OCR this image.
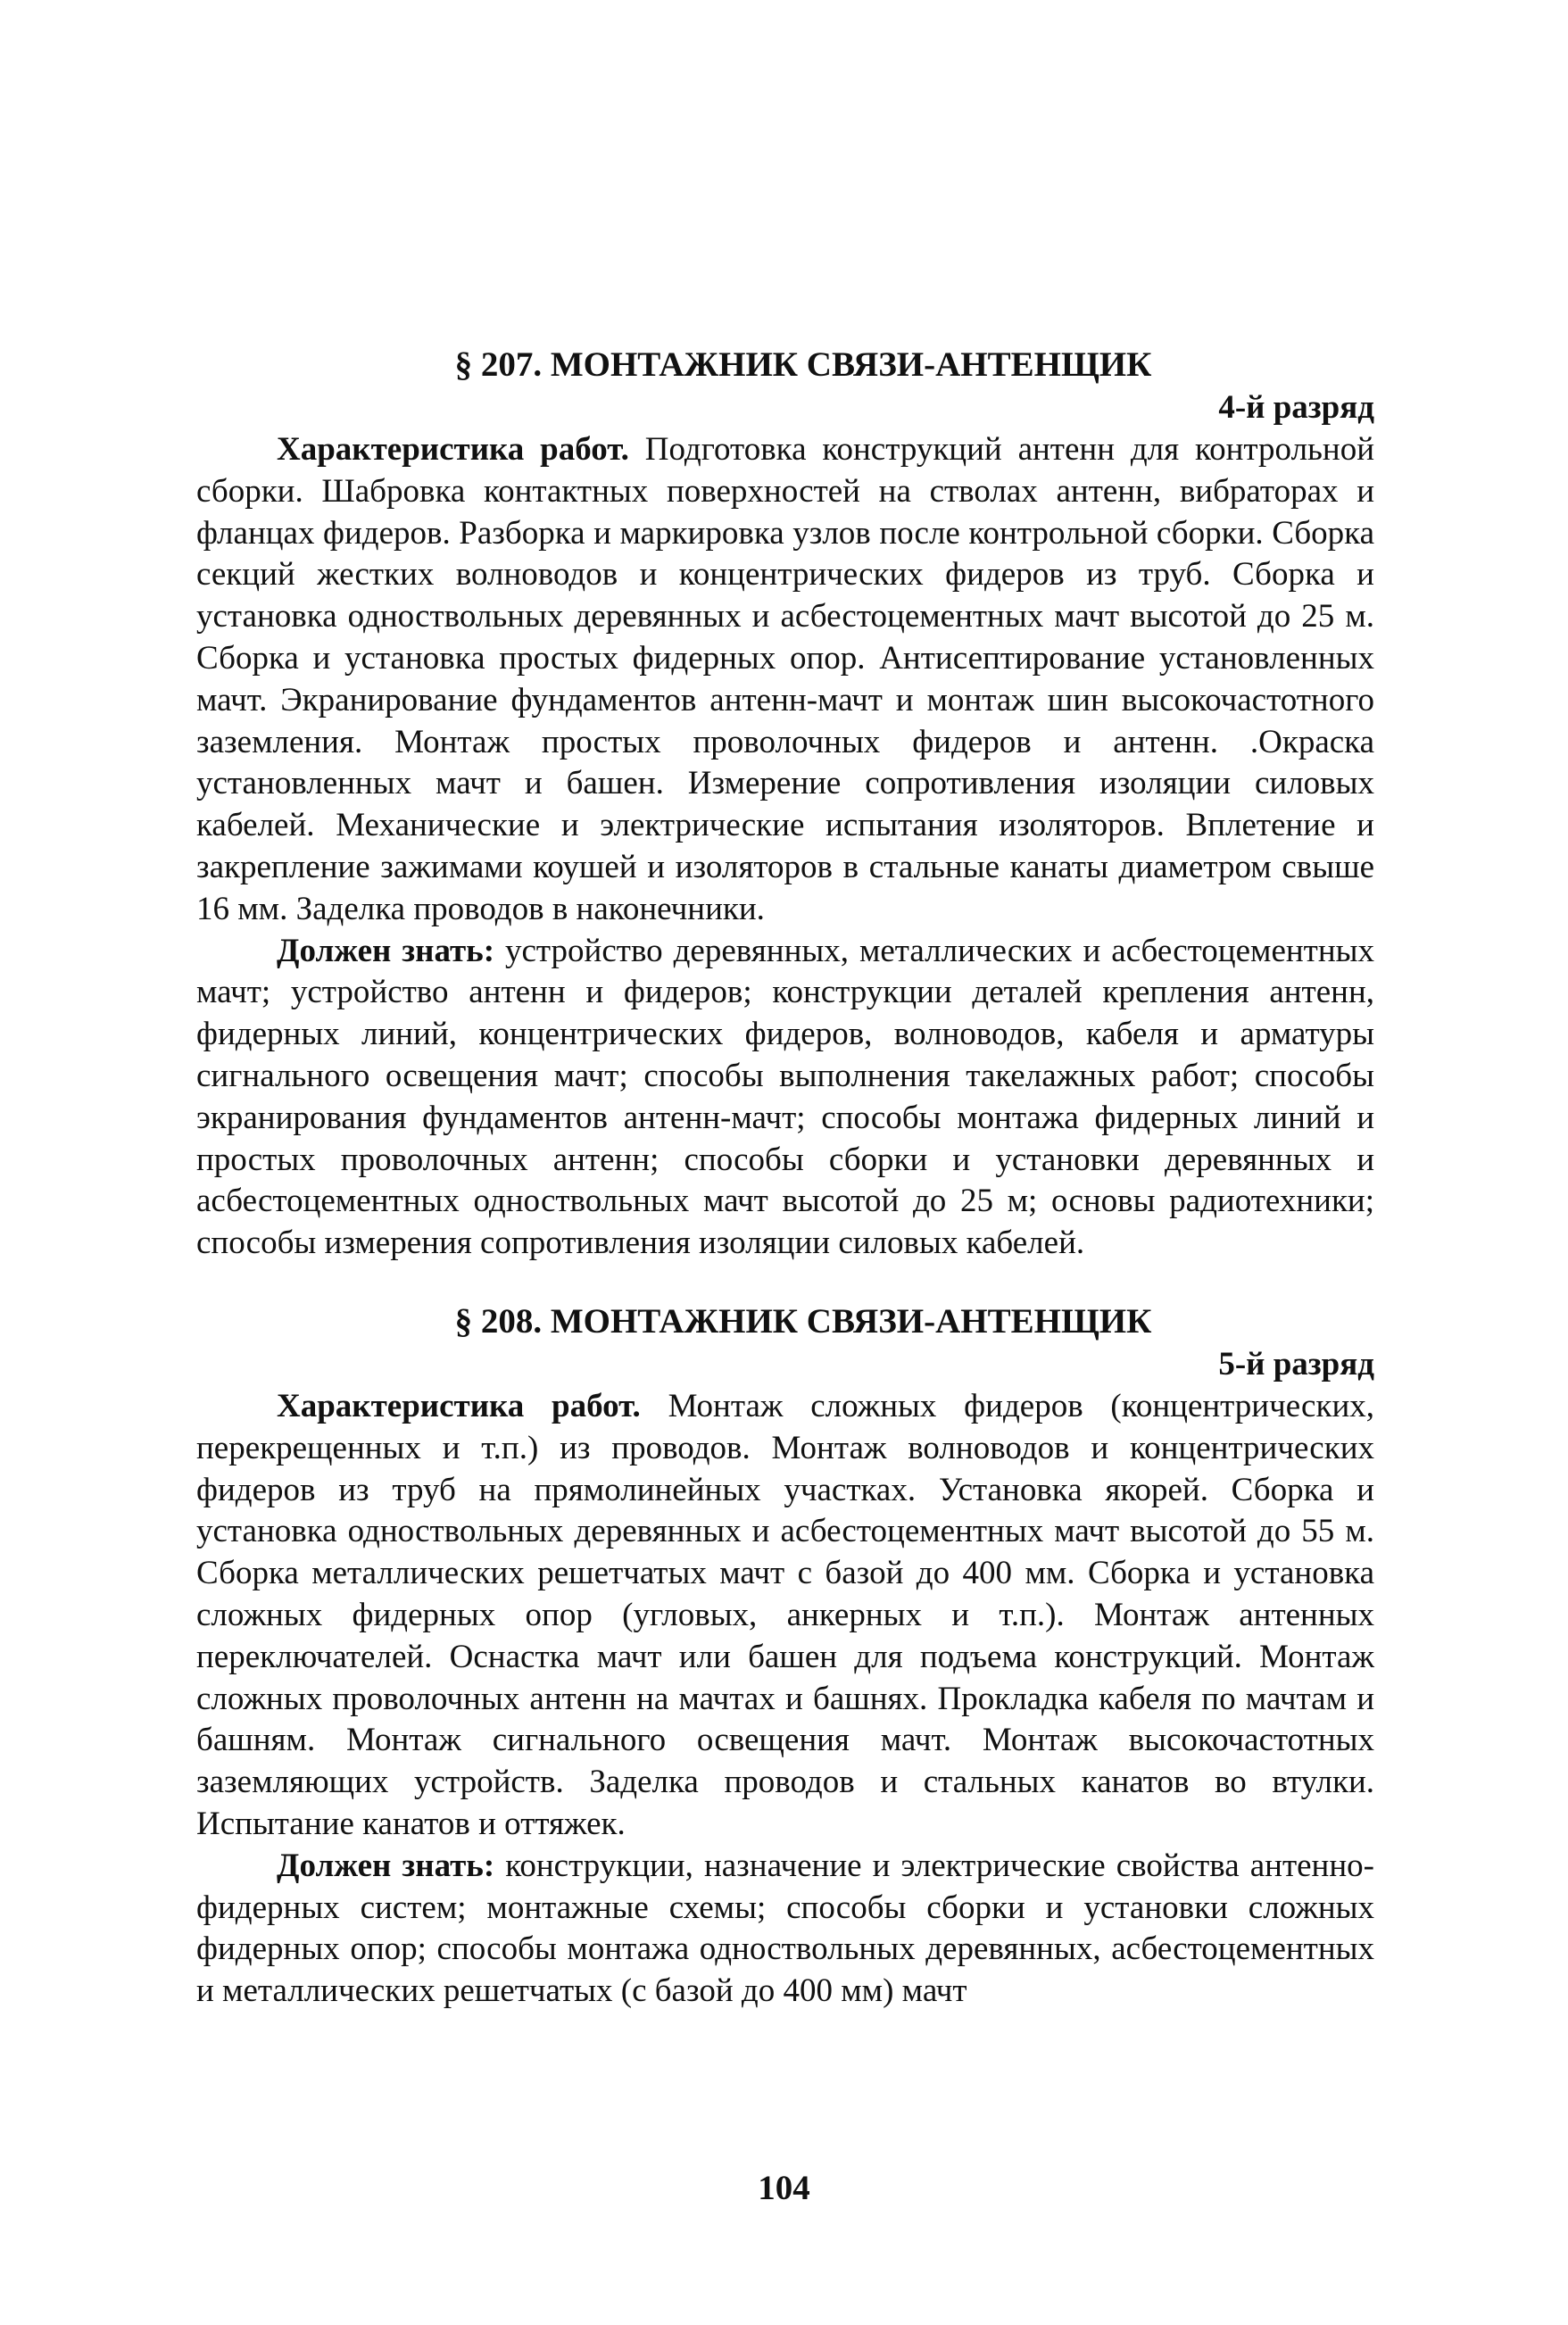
§ 207. МОНТАЖНИК СВЯЗИ-АНТЕНЩИК
4-й разряд

Характеристика работ. Подготовка конструкций антенн для контрольной сборки. Шабровка контактных поверхностей на стволах антенн, вибраторах и фланцах фидеров. Разборка и маркировка узлов после контрольной сборки. Сборка секций жестких волноводов и концентрических фидеров из труб. Сборка и установка одноствольных деревянных и асбестоцементных мачт высотой до 25 м. Сборка и установка простых фидерных опор. Антисептирование установленных мачт. Экранирование фундаментов антенн-мачт и монтаж шин высокочастотного заземления. Монтаж простых проволочных фидеров и антенн. .Окраска установленных мачт и башен. Измерение сопротивления изоляции силовых кабелей. Механические и электрические испытания изоляторов. Вплетение и закрепление зажимами коушей и изоляторов в стальные канаты диаметром свыше 16 мм. Заделка проводов в наконечники.

Должен знать: устройство деревянных, металлических и асбестоцементных мачт; устройство антенн и фидеров; конструкции деталей крепления антенн, фидерных линий, концентрических фидеров, волноводов, кабеля и арматуры сигнального освещения мачт; способы выполнения такелажных работ; способы экранирования фундаментов антенн-мачт; способы монтажа фидерных линий и простых проволочных антенн; способы сборки и установки деревянных и асбестоцементных одноствольных мачт высотой до 25 м; основы радиотехники; способы измерения сопротивления изоляции силовых кабелей.

§ 208. МОНТАЖНИК СВЯЗИ-АНТЕНЩИК
5-й разряд

Характеристика работ. Монтаж сложных фидеров (концентрических, перекрещенных и т.п.) из проводов. Монтаж волноводов и концентрических фидеров из труб на прямолинейных участках. Установка якорей. Сборка и установка одноствольных деревянных и асбестоцементных мачт высотой до 55 м. Сборка металлических решетчатых мачт с базой до 400 мм. Сборка и установка сложных фидерных опор (угловых, анкерных и т.п.). Монтаж антенных переключателей. Оснастка мачт или башен для подъема конструкций. Монтаж сложных проволочных антенн на мачтах и башнях. Прокладка кабеля по мачтам и башням. Монтаж сигнального освещения мачт. Монтаж высокочастотных заземляющих устройств. Заделка проводов и стальных канатов во втулки. Испытание канатов и оттяжек.

Должен знать: конструкции, назначение и электрические свойства антенно-фидерных систем; монтажные схемы; способы сборки и установки сложных фидерных опор; способы монтажа одноствольных деревянных, асбестоцементных и металлических решетчатых (с базой до 400 мм) мачт

104
